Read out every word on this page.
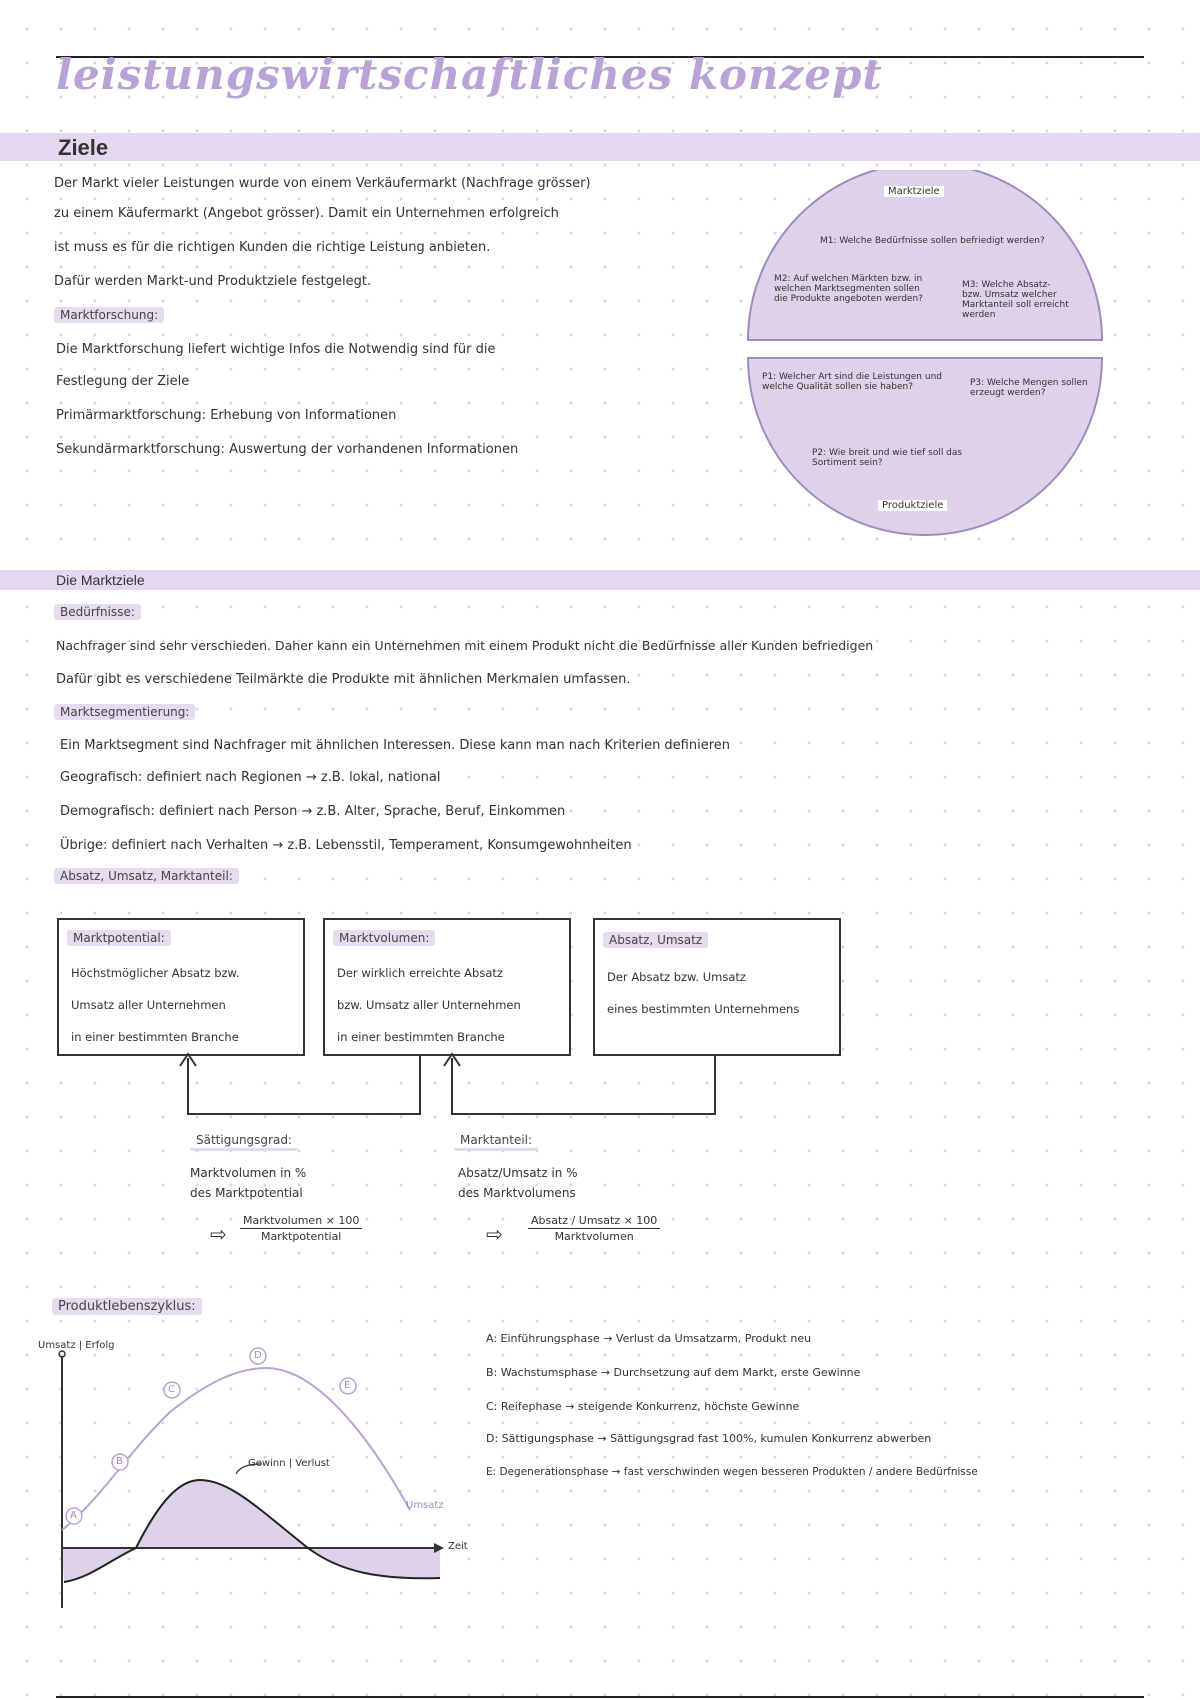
leistungswirtschaftliches konzept
Ziele
Der Markt vieler Leistungen wurde von einem Verkäufermarkt (Nachfrage grösser)
zu einem Käufermarkt (Angebot grösser). Damit ein Unternehmen erfolgreich
ist muss es für die richtigen Kunden die richtige Leistung anbieten.
Dafür werden Markt-und Produktziele festgelegt.
Marktforschung:
Die Marktforschung liefert wichtige Infos die Notwendig sind für die
Festlegung der Ziele
Primärmarktforschung: Erhebung von Informationen
Sekundärmarktforschung: Auswertung der vorhandenen Informationen
Marktziele
M1: Welche Bedürfnisse sollen befriedigt werden?
M2: Auf welchen Märkten bzw. in welchen Marktsegmenten sollen die Produkte angeboten werden?
M3: Welche Absatz- bzw. Umsatz welcher Marktanteil soll erreicht werden
P1: Welcher Art sind die Leistungen und welche Qualität sollen sie haben?	P3: Welche Mengen sollen erzeugt werden?
P2: Wie breit und wie tief soll das Sortiment sein?
Produktziele
Die Marktziele
Bedürfnisse:
Nachfrager sind sehr verschieden. Daher kann ein Unternehmen mit einem Produkt nicht die Bedürfnisse aller Kunden befriedigen
Dafür gibt es verschiedene Teilmärkte die Produkte mit ähnlichen Merkmalen umfassen.
Marktsegmentierung:
Ein Marktsegment sind Nachfrager mit ähnlichen Interessen. Diese kann man nach Kriterien definieren
Geografisch: definiert nach Regionen → z.B. lokal, national
Demografisch: definiert nach Person → z.B. Alter, Sprache, Beruf, Einkommen
Übrige: definiert nach Verhalten → z.B. Lebensstil, Temperament, Konsumgewohnheiten
Absatz, Umsatz, Marktanteil:
Marktpotential:
Höchstmöglicher Absatz bzw.
Umsatz aller Unternehmen
in einer bestimmten Branche
Marktvolumen:
Der wirklich erreichte Absatz
bzw. Umsatz aller Unternehmen
in einer bestimmten Branche
Absatz, Umsatz
Der Absatz bzw. Umsatz
eines bestimmten Unternehmens
Sättigungsgrad:
Marktvolumen in %
des Marktpotential
⇨
Marktvolumen × 100
Marktpotential
Marktanteil:
Absatz/Umsatz in %
des Marktvolumens
⇨
Absatz / Umsatz × 100
Marktvolumen
Produktlebenszyklus:
Umsatz | Erfolg
A
B
C
D
E
Gewinn | Verlust
Umsatz
Zeit
A: Einführungsphase → Verlust da Umsatzarm, Produkt neu
B: Wachstumsphase → Durchsetzung auf dem Markt, erste Gewinne
C: Reifephase → steigende Konkurrenz, höchste Gewinne
D: Sättigungsphase → Sättigungsgrad fast 100%, kumulen Konkurrenz abwerben
E: Degenerationsphase → fast verschwinden wegen besseren Produkten / andere Bedürfnisse
